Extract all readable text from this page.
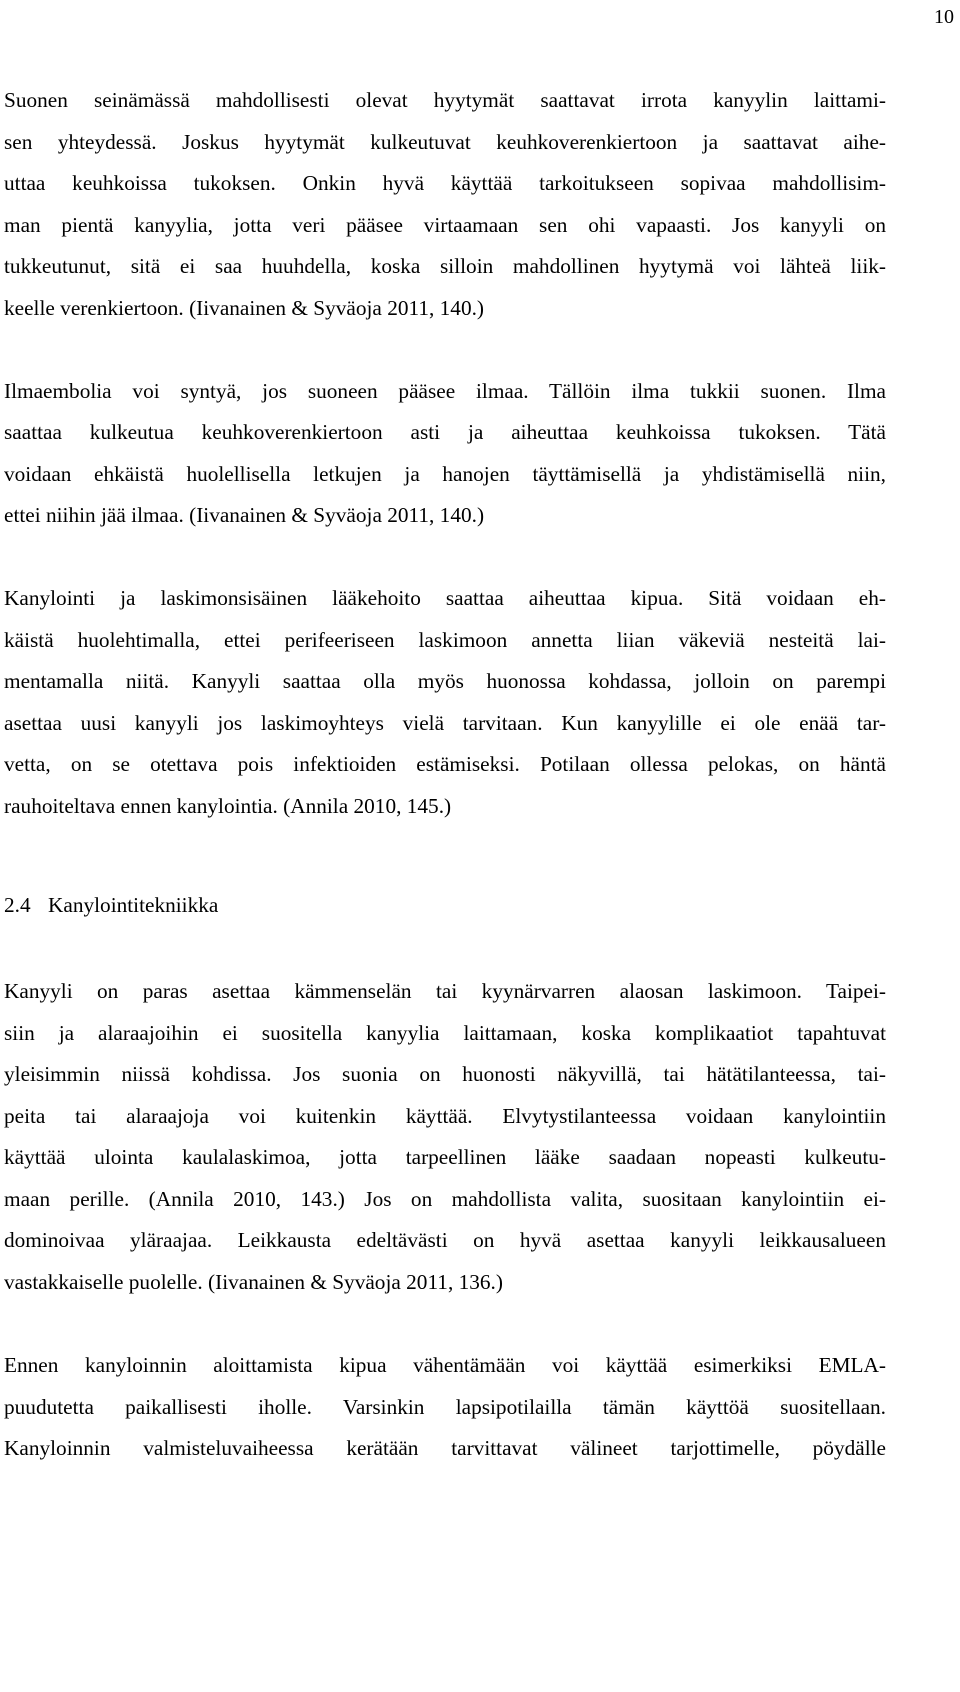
10
Suonen seinämässä mahdollisesti olevat hyytymät saattavat irrota kanyylin laittami-
sen yhteydessä. Joskus hyytymät kulkeutuvat keuhkoverenkiertoon ja saattavat aihe-
uttaa keuhkoissa tukoksen. Onkin hyvä käyttää tarkoitukseen sopivaa mahdollisim-
man pientä kanyylia, jotta veri pääsee virtaamaan sen ohi vapaasti. Jos kanyyli on
tukkeutunut, sitä ei saa huuhdella, koska silloin mahdollinen hyytymä voi lähteä liik-
keelle verenkiertoon. (Iivanainen & Syväoja 2011, 140.)
Ilmaembolia voi syntyä, jos suoneen pääsee ilmaa. Tällöin ilma tukkii suonen. Ilma
saattaa kulkeutua keuhkoverenkiertoon asti ja aiheuttaa keuhkoissa tukoksen. Tätä
voidaan ehkäistä huolellisella letkujen ja hanojen täyttämisellä ja yhdistämisellä niin,
ettei niihin jää ilmaa. (Iivanainen & Syväoja 2011, 140.)
Kanylointi ja laskimonsisäinen lääkehoito saattaa aiheuttaa kipua. Sitä voidaan eh-
käistä huolehtimalla, ettei perifeeriseen laskimoon annetta liian väkeviä nesteitä lai-
mentamalla niitä. Kanyyli saattaa olla myös huonossa kohdassa, jolloin on parempi
asettaa uusi kanyyli jos laskimoyhteys vielä tarvitaan. Kun kanyylille ei ole enää tar-
vetta, on se otettava pois infektioiden estämiseksi. Potilaan ollessa pelokas, on häntä
rauhoiteltava ennen kanylointia. (Annila 2010, 145.)
2.4 Kanylointitekniikka
Kanyyli on paras asettaa kämmenselän tai kyynärvarren alaosan laskimoon. Taipei-
siin ja alaraajoihin ei suositella kanyylia laittamaan, koska komplikaatiot tapahtuvat
yleisimmin niissä kohdissa. Jos suonia on huonosti näkyvillä, tai hätätilanteessa, tai-
peita tai alaraajoja voi kuitenkin käyttää. Elvytystilanteessa voidaan kanylointiin
käyttää ulointa kaulalaskimoa, jotta tarpeellinen lääke saadaan nopeasti kulkeutu-
maan perille. (Annila 2010, 143.) Jos on mahdollista valita, suositaan kanylointiin ei-
dominoivaa yläraajaa. Leikkausta edeltävästi on hyvä asettaa kanyyli leikkausalueen
vastakkaiselle puolelle. (Iivanainen & Syväoja 2011, 136.)
Ennen kanyloinnin aloittamista kipua vähentämään voi käyttää esimerkiksi EMLA-
puudutetta paikallisesti iholle. Varsinkin lapsipotilailla tämän käyttöä suositellaan.
Kanyloinnin valmisteluvaiheessa kerätään tarvittavat välineet tarjottimelle, pöydälle
